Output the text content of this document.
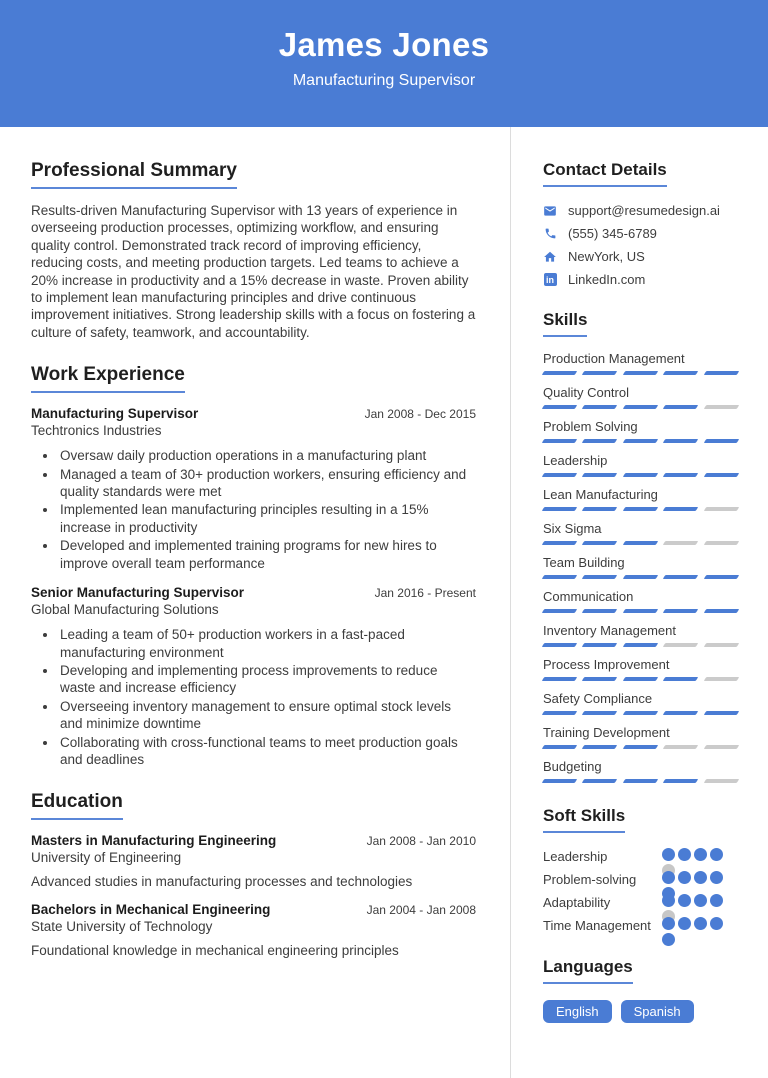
James Jones
Manufacturing Supervisor
Professional Summary

Results-driven Manufacturing Supervisor with 13 years of experience in overseeing production processes, optimizing workflow, and ensuring quality control. Demonstrated track record of improving efficiency, reducing costs, and meeting production targets. Led teams to achieve a 20% increase in productivity and a 15% decrease in waste. Proven ability to implement lean manufacturing principles and drive continuous improvement initiatives. Strong leadership skills with a focus on fostering a culture of safety, teamwork, and accountability.

Work Experience
Manufacturing Supervisor	Jan 2008 - Dec 2015
Techtronics Industries
• Oversaw daily production operations in a manufacturing plant
• Managed a team of 30+ production workers, ensuring efficiency and quality standards were met
• Implemented lean manufacturing principles resulting in a 15% increase in productivity
• Developed and implemented training programs for new hires to improve overall team performance
Senior Manufacturing Supervisor	Jan 2016 - Present
Global Manufacturing Solutions
• Leading a team of 50+ production workers in a fast-paced manufacturing environment
• Developing and implementing process improvements to reduce waste and increase efficiency
• Overseeing inventory management to ensure optimal stock levels and minimize downtime
• Collaborating with cross-functional teams to meet production goals and deadlines
Education
Masters in Manufacturing Engineering	Jan 2008 - Jan 2010
University of Engineering

Advanced studies in manufacturing processes and technologies

Bachelors in Mechanical Engineering	Jan 2004 - Jan 2008
State University of Technology

Foundational knowledge in mechanical engineering principles

Contact Details
support@resumedesign.ai
(555) 345-6789
NewYork, US
in LinkedIn.com
Skills
Production Management
Quality Control
Problem Solving
Leadership
Lean Manufacturing
Six Sigma
Team Building
Communication
Inventory Management
Process Improvement
Safety Compliance
Training Development
Budgeting
Soft Skills
Leadership
Problem-solving
Adaptability
Time Management
Languages
English	Spanish
